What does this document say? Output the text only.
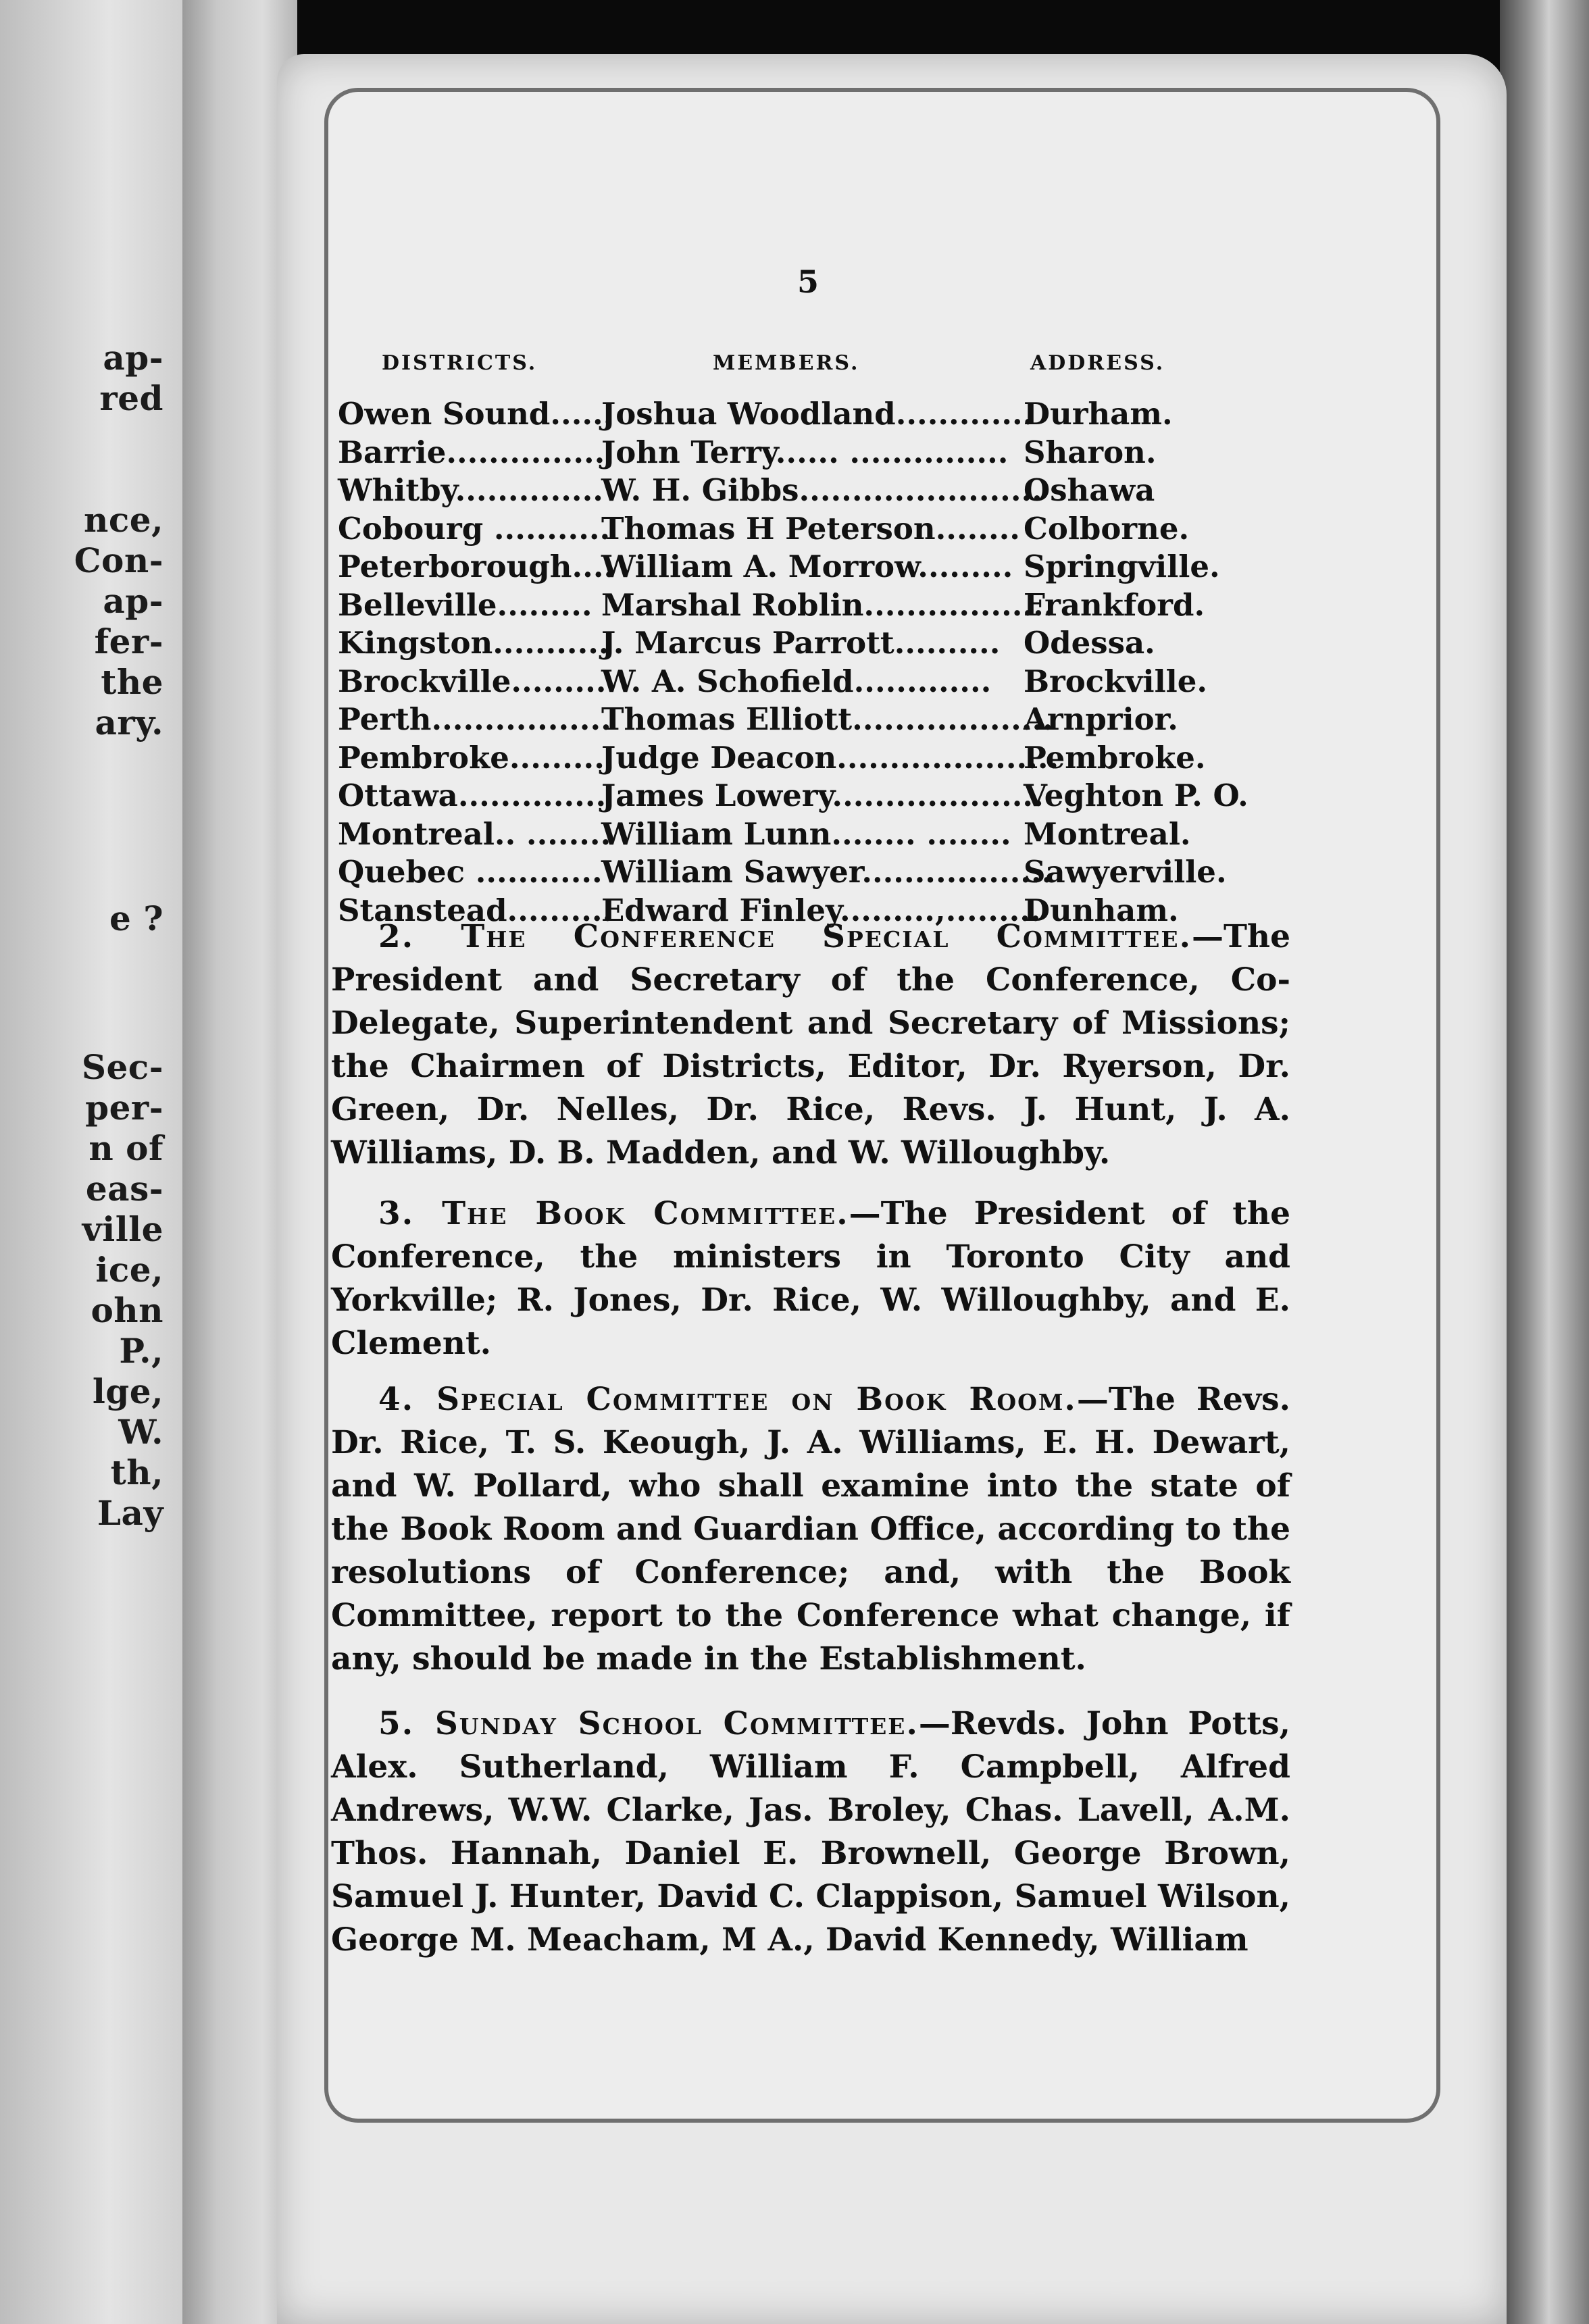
ap-
red
nce,
Con-
ap-
fer-
the
ary.
e ?
Sec-
per-
n of
eas-
ville
ice,
ohn
P.,
lge,
W.
th,
Lay
5
DISTRICTS.	MEMBERS.	ADDRESS.
Owen Sound......
Joshua Woodland.............
Durham.
Barrie...............
John Terry...... ............... Sharon.
Whitby..............
W. H. Gibbs.......................
Oshawa
Cobourg ...........
Thomas H Peterson........ Colborne.
Peterborough....
William A. Morrow......... Springville.
Belleville......... Marshal Roblin..................
Frankford.
Kingston...........
J. Marcus Parrott.......... Odessa.
Brockville.........
W. A. Schofield............. Brockville.
Perth.................
Thomas Elliott...................
Arnprior.
Pembroke.........
Judge Deacon.....................
Pembroke.
Ottawa..............
James Lowery....................
Veghton P. O.
Montreal.. ........
William Lunn........ ........ Montreal.
Quebec ............
William Sawyer..................
Sawyerville.
Stanstead..........
Edward Finley.........,.........
Dunham.
2. The Conference Special Committee.—The President and Secretary of the Conference, Co-Delegate, Superintendent and Secretary of Missions; the Chairmen of Districts, Editor, Dr. Ryerson, Dr. Green, Dr. Nelles, Dr. Rice, Revs. J. Hunt, J. A. Williams, D. B. Madden, and W. Willoughby.
3. The Book Committee.—The President of the Conference, the ministers in Toronto City and Yorkville; R. Jones, Dr. Rice, W. Willoughby, and E. Clement.
4. Special Committee on Book Room.—The Revs. Dr. Rice, T. S. Keough, J. A. Williams, E. H. Dewart, and W. Pollard, who shall examine into the state of the Book Room and Guardian Office, according to the resolutions of Conference; and, with the Book Committee, report to the Conference what change, if any, should be made in the Establishment.
5. Sunday School Committee.—Revds. John Potts, Alex. Sutherland, William F. Campbell, Alfred Andrews, W.W. Clarke, Jas. Broley, Chas. Lavell, A.M. Thos. Hannah, Daniel E. Brownell, George Brown, Samuel J. Hunter, David C. Clappison, Samuel Wilson, George M. Meacham, M A., David Kennedy, William
